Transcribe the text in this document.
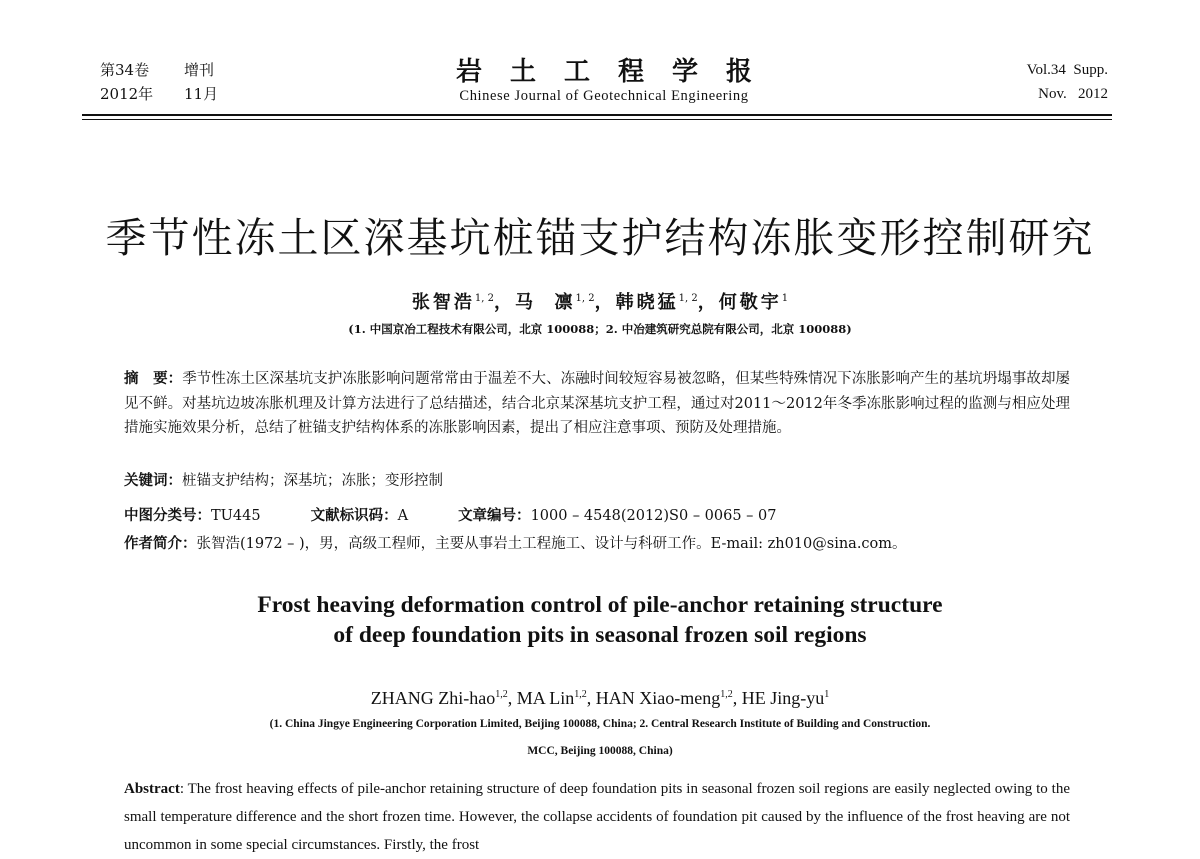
第34卷 增刊
2012年 11月
岩土工程学报
Chinese Journal of Geotechnical Engineering
Vol.34  Supp.
Nov.   2012
季节性冻土区深基坑桩锚支护结构冻胀变形控制研究
张智浩$^{1, 2}$，马  凛$^{1, 2}$，韩晓猛$^{1, 2}$，何敬宇$^1$
(1. 中国京冶工程技术有限公司，北京 100088；2. 中冶建筑研究总院有限公司，北京 100088)
摘　要：季节性冻土区深基坑支护冻胀影响问题常常由于温差不大、冻融时间较短容易被忽略，但某些特殊情况下冻胀影响产生的基坑坍塌事故却屡见不鲜。对基坑边坡冻胀机理及计算方法进行了总结描述，结合北京某深基坑支护工程，通过对2011～2012年冬季冻胀影响过程的监测与相应处理措施实施效果分析，总结了桩锚支护结构体系的冻胀影响因素，提出了相应注意事项、预防及处理措施。
关键词：桩锚支护结构；深基坑；冻胀；变形控制
中图分类号：TU445	文献标识码：A	文章编号：1000 – 4548(2012)S0 – 0065 – 07
作者简介：张智浩(1972 – )，男，高级工程师，主要从事岩土工程施工、设计与科研工作。E-mail: zh010@sina.com。
Frost heaving deformation control of pile-anchor retaining structure
of deep foundation pits in seasonal frozen soil regions
ZHANG Zhi-hao$^{1,2}$, MA Lin$^{1,2}$, HAN Xiao-meng$^{1,2}$, HE Jing-$yu^1$
(1. China Jingye Engineering Corporation Limited, Beijing 100088, China; 2. Central Research Institute of Building and Construction.
MCC, Beijing 100088, China)
Abstract: The frost heaving effects of pile-anchor retaining structure of deep foundation pits in seasonal frozen soil regions are easily neglected owing to the small temperature difference and the short frozen time. However, the collapse accidents of foundation pit caused by the influence of the frost heaving are not uncommon in some special circumstances. Firstly, the frost
